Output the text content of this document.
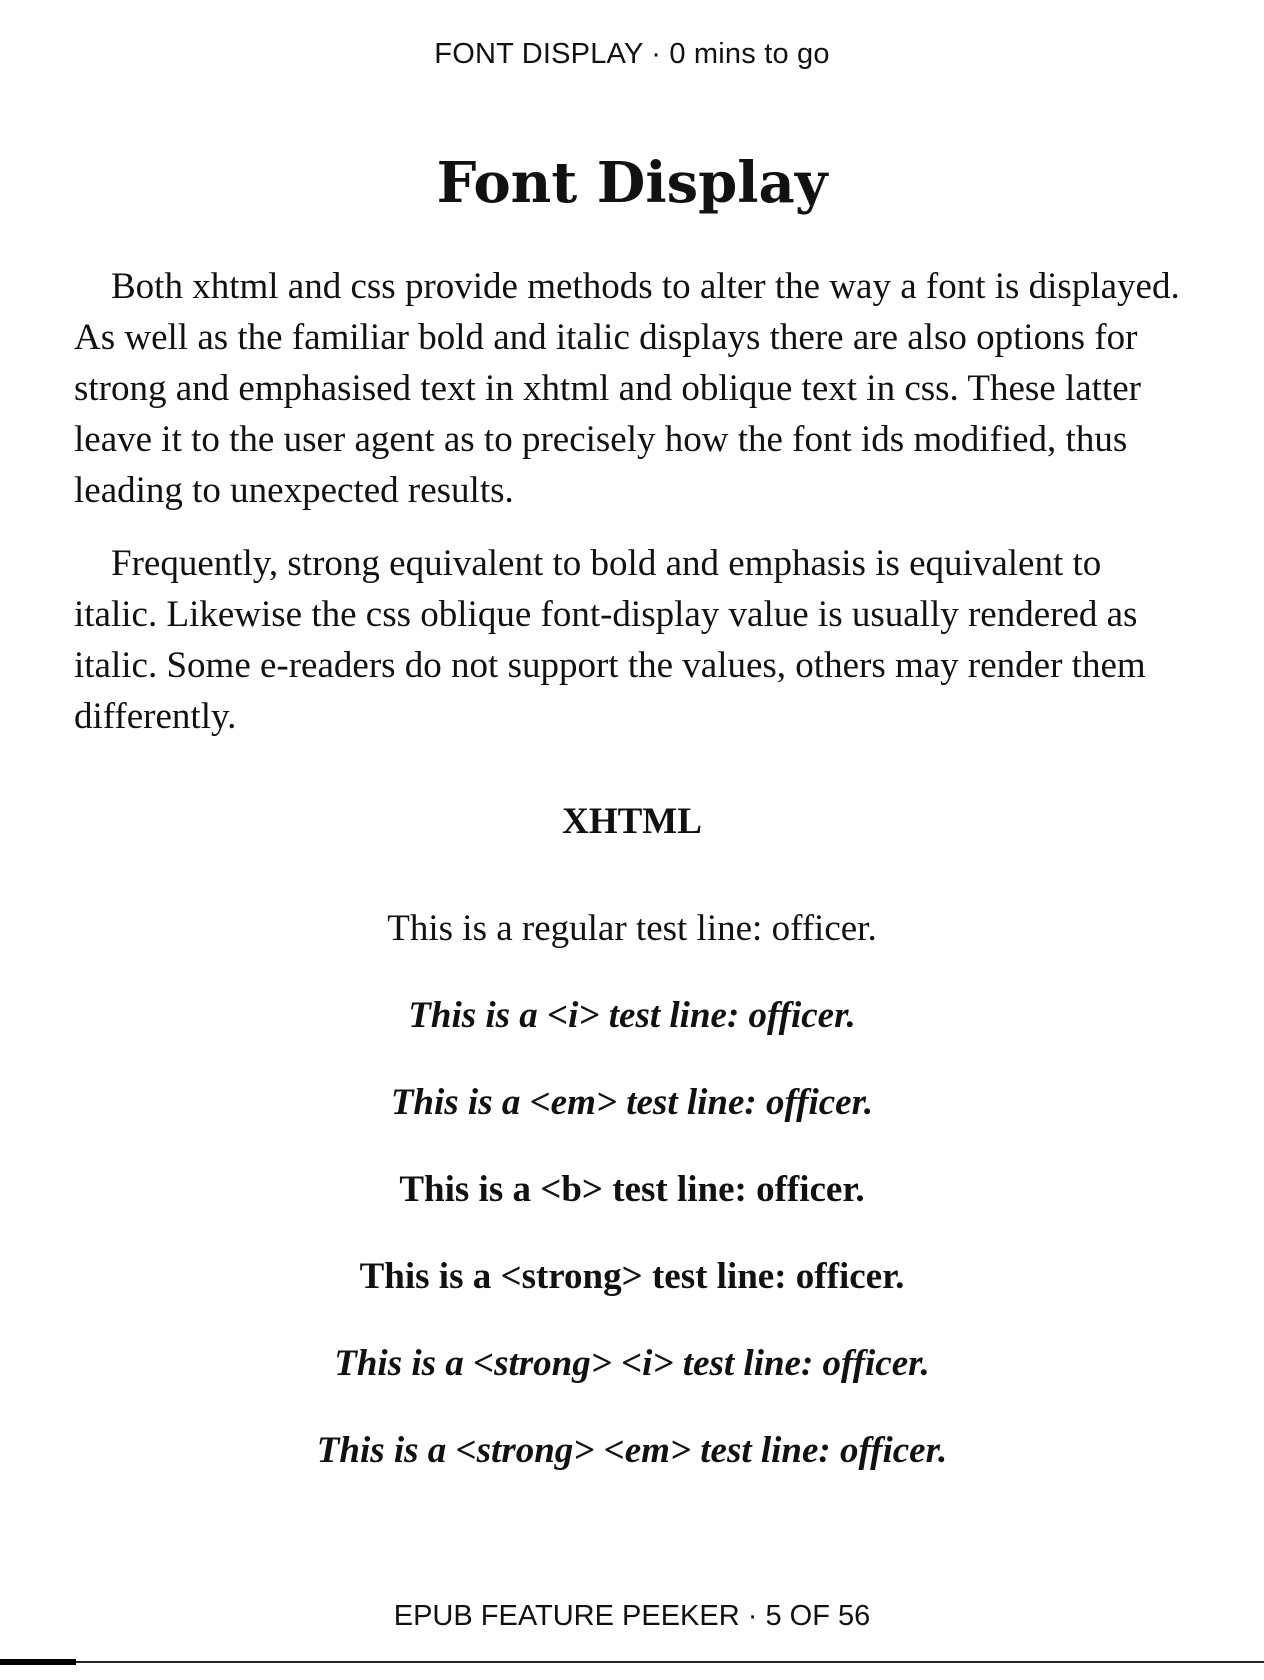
FONT DISPLAY · 0 mins to go
Font Display

Both xhtml and css provide methods to alter the way a font is displayed. As well as the familiar bold and italic displays there are also options for strong and emphasised text in xhtml and oblique text in css. These latter leave it to the user agent as to precisely how the font ids modified, thus leading to unexpected results.

Frequently, strong equivalent to bold and emphasis is equivalent to italic. Likewise the css oblique font-display value is usually rendered as italic. Some e-readers do not support the values, others may render them differently.

XHTML

This is a regular test line: officer.

This is a <i> test line: officer.

This is a <em> test line: officer.

This is a <b> test line: officer.

This is a <strong> test line: officer.

This is a <strong> <i> test line: officer.

This is a <strong> <em> test line: officer.

EPUB FEATURE PEEKER · 5 OF 56
